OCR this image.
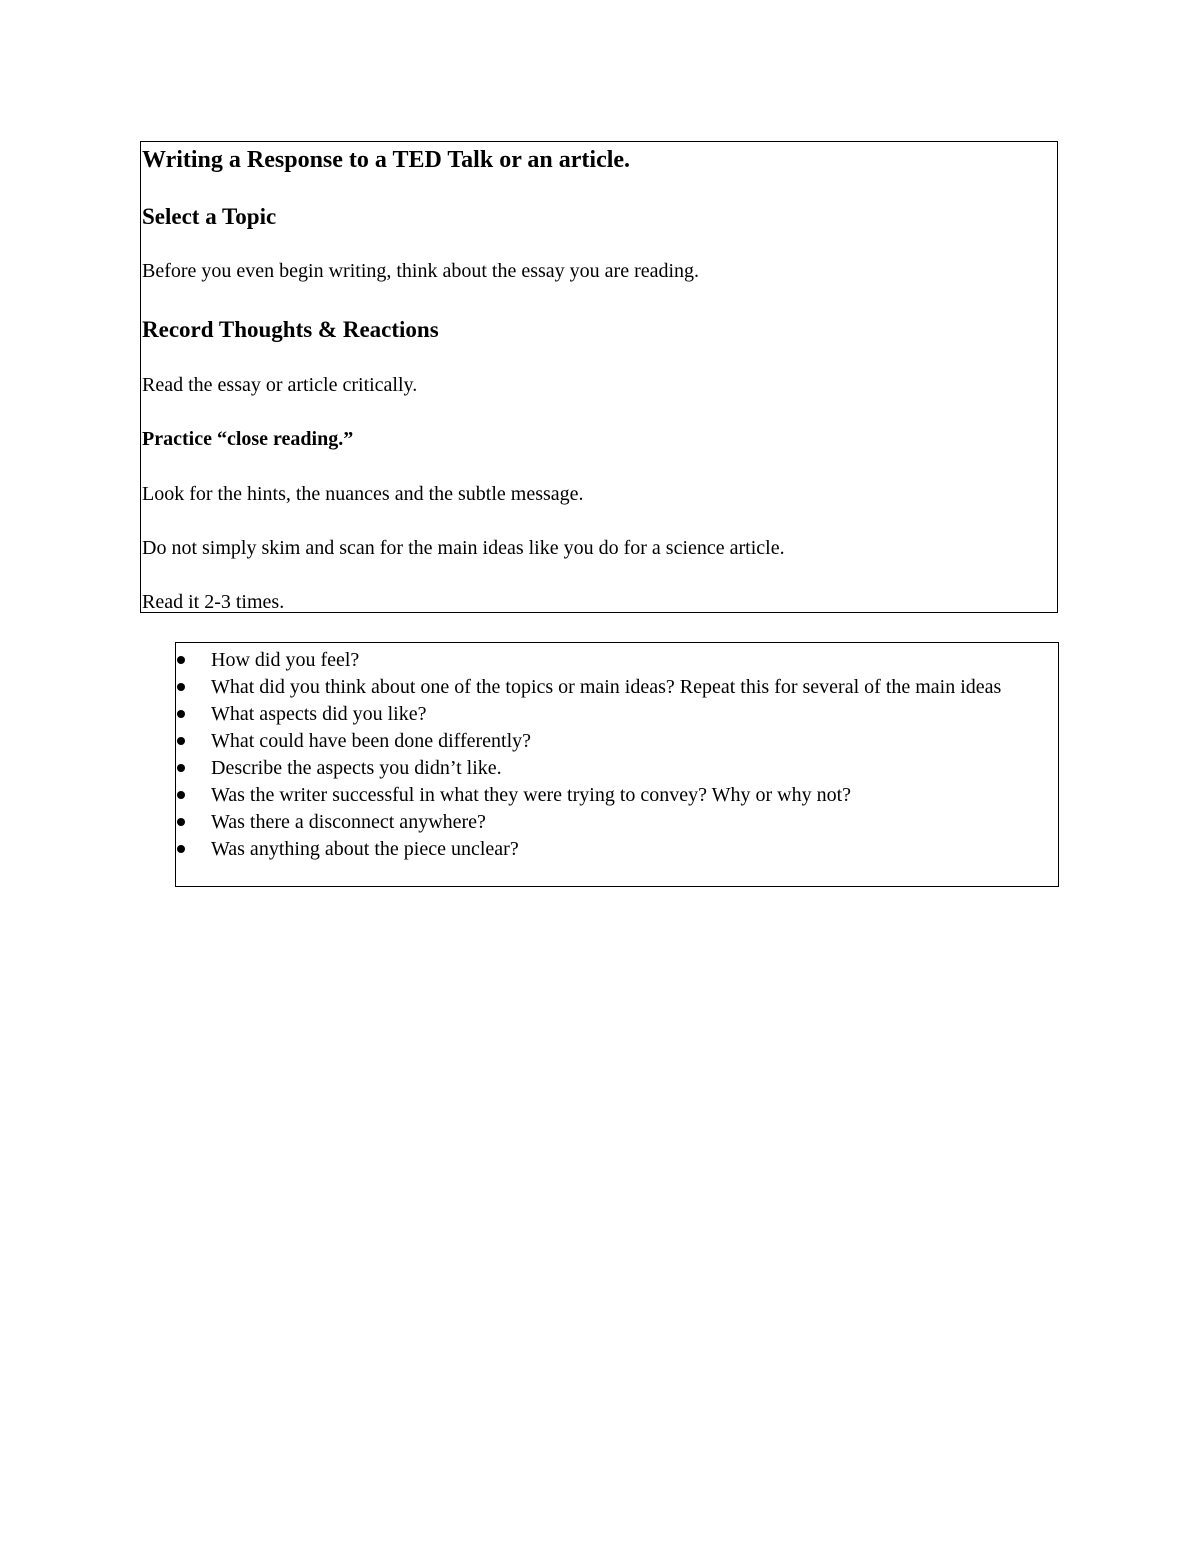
Writing a Response to a TED Talk or an article.

Select a Topic

Before you even begin writing, think about the essay you are reading.

Record Thoughts & Reactions

Read the essay or article critically.

Practice “close reading.”

Look for the hints, the nuances and the subtle message.

Do not simply skim and scan for the main ideas like you do for a science article.

Read it 2-3 times.

How did you feel?
What did you think about one of the topics or main ideas? Repeat this for several of the main ideas
What aspects did you like?
What could have been done differently?
Describe the aspects you didn’t like.
Was the writer successful in what they were trying to convey? Why or why not?
Was there a disconnect anywhere?
Was anything about the piece unclear?
